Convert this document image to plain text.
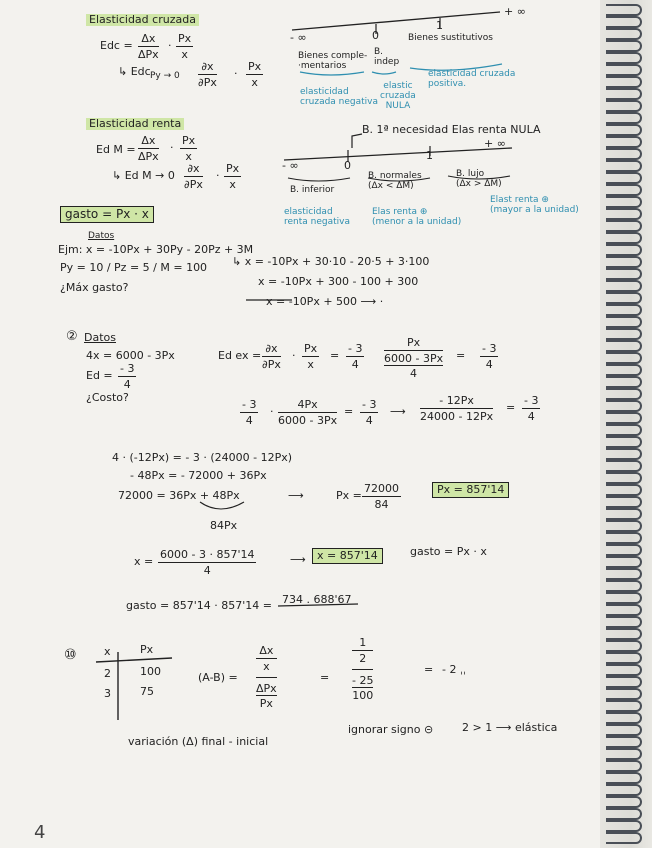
Elasticidad cruzada
Edc =
Δx
ΔPx
· $\frac{Px}{x}$
↳ Edc $Py \to 0 \frac{\partial x}{\partial Px} \cdot \frac{Px}{x}$
- ∞	0
1
+ ∞
Bienes comple-
·mentarios
B.
indep
Bienes sustitutivos
elasticidad
cruzada negativa
elastic
cruzada
NULA
elasticidad cruzada
positiva.
Elasticidad renta
Ed M =
Δx
ΔPx
· $\frac{Px}{x}$
↳ Ed $M \to 0 \frac{\partial x}{\partial Px} \cdot \frac{Px}{x}$
B. 1ª necesidad Elas renta NULA
- ∞	0
1
+ ∞
B. inferior
B. normales
(Δx < ΔM)
B. lujo
(Δx > ΔM)
elasticidad
renta negativa
Elas renta ⊕
(menor a la unidad)
Elast renta ⊕
(mayor a la unidad)
gasto = Px · x
Datos
Ejm: x = -10Px + 30Py - 20Pz + 3M
Py = 10 / Pz = 5 / M = 100
¿Máx gasto?
↳ x = -10Px + 30·10 - 20·5 + 3·100
x = -10Px + 300 - 100 + 300
x = -10Px + 500 ⟶ ·
② Datos
4x = 6000 - 3Px
$Ed = \frac{- 3}{4}$
¿Costo?
Ed ex = $\frac{\partial x}{\partial Px} \cdot \frac{Px}{x} = \frac{- 3}{4}$	Px
6000 - 3Px
4
= $\frac{- 3}{4}$
$\frac{- 3}{4} \cdot \frac{4Px}{6000 - 3Px} = \frac{- 3}{4}$ ⟶ $\frac{- 12Px}{24000 - 12Px} = \frac{- 3}{4}$
4 · (-12Px) = - 3 · (24000 - 12Px)
- 48Px = - 72000 + 36Px
72000 = 36Px + 48Px	⟶	$Px = \frac{72000}{84}$	Px = 857'14
84Px
$x = \frac{6000 - 3 \cdot 857'14}{4}$	⟶	x = 857'14	gasto = Px · x
gasto = 857'14 · 857'14 = 734 . 688'67
⑩ x	Px
2	100
3	75
(A-B) =
Δx
x
ΔPx
Px
=
1
2
- 25
100
= - 2 ˌˌ
variación (Δ) final - inicial
ignorar signo ⊝	2 > 1 ⟶ elástica
4
